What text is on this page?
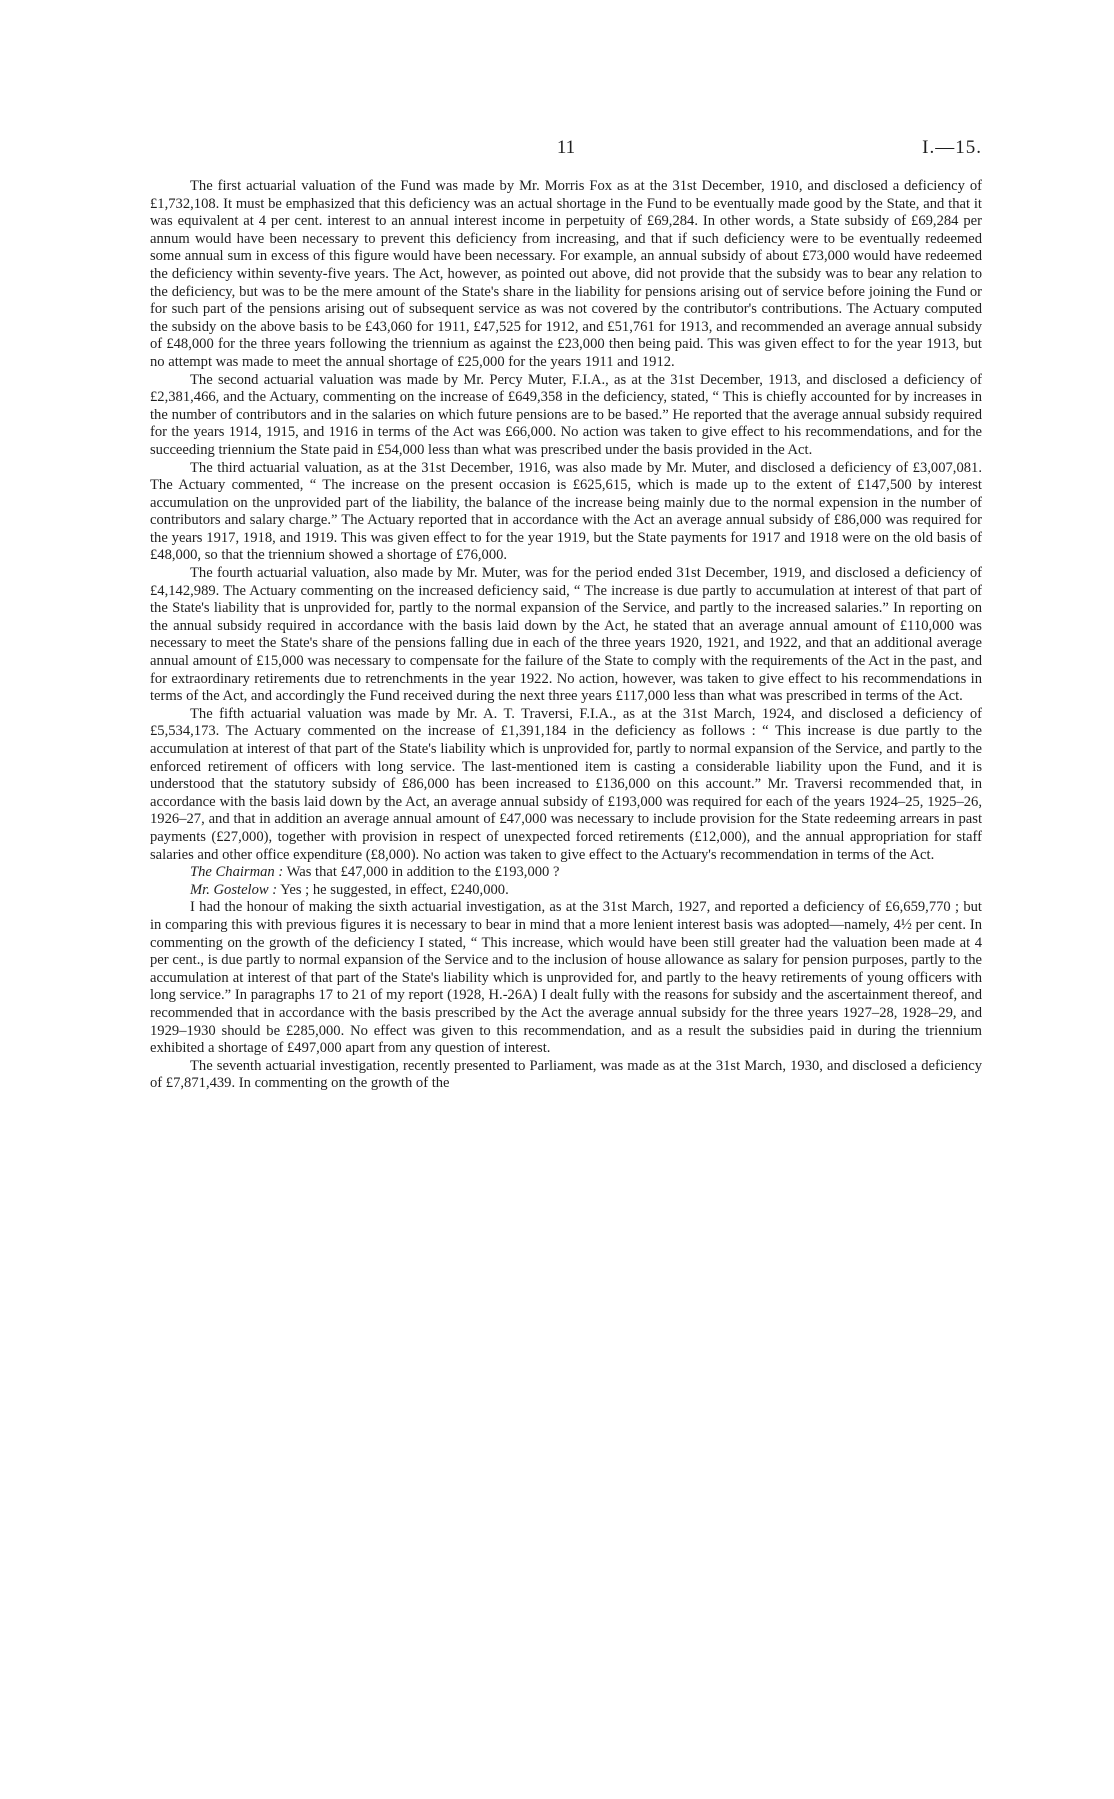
11	I.—15.

The first actuarial valuation of the Fund was made by Mr. Morris Fox as at the 31st December, 1910, and disclosed a deficiency of £1,732,108. It must be emphasized that this deficiency was an actual shortage in the Fund to be eventually made good by the State, and that it was equivalent at 4 per cent. interest to an annual interest income in perpetuity of £69,284. In other words, a State subsidy of £69,284 per annum would have been necessary to prevent this deficiency from increasing, and that if such deficiency were to be eventually redeemed some annual sum in excess of this figure would have been necessary. For example, an annual subsidy of about £73,000 would have redeemed the deficiency within seventy-five years. The Act, however, as pointed out above, did not provide that the subsidy was to bear any relation to the deficiency, but was to be the mere amount of the State's share in the liability for pensions arising out of service before joining the Fund or for such part of the pensions arising out of subsequent service as was not covered by the contributor's contributions. The Actuary computed the subsidy on the above basis to be £43,060 for 1911, £47,525 for 1912, and £51,761 for 1913, and recommended an average annual subsidy of £48,000 for the three years following the triennium as against the £23,000 then being paid. This was given effect to for the year 1913, but no attempt was made to meet the annual shortage of £25,000 for the years 1911 and 1912.

The second actuarial valuation was made by Mr. Percy Muter, F.I.A., as at the 31st December, 1913, and disclosed a deficiency of £2,381,466, and the Actuary, commenting on the increase of £649,358 in the deficiency, stated, “ This is chiefly accounted for by increases in the number of contributors and in the salaries on which future pensions are to be based.” He reported that the average annual subsidy required for the years 1914, 1915, and 1916 in terms of the Act was £66,000. No action was taken to give effect to his recommendations, and for the succeeding triennium the State paid in £54,000 less than what was prescribed under the basis provided in the Act.

The third actuarial valuation, as at the 31st December, 1916, was also made by Mr. Muter, and disclosed a deficiency of £3,007,081. The Actuary commented, “ The increase on the present occasion is £625,615, which is made up to the extent of £147,500 by interest accumulation on the unprovided part of the liability, the balance of the increase being mainly due to the normal expension in the number of contributors and salary charge.” The Actuary reported that in accordance with the Act an average annual subsidy of £86,000 was required for the years 1917, 1918, and 1919. This was given effect to for the year 1919, but the State payments for 1917 and 1918 were on the old basis of £48,000, so that the triennium showed a shortage of £76,000.

The fourth actuarial valuation, also made by Mr. Muter, was for the period ended 31st December, 1919, and disclosed a deficiency of £4,142,989. The Actuary commenting on the increased deficiency said, “ The increase is due partly to accumulation at interest of that part of the State's liability that is unprovided for, partly to the normal expansion of the Service, and partly to the increased salaries.” In reporting on the annual subsidy required in accordance with the basis laid down by the Act, he stated that an average annual amount of £110,000 was necessary to meet the State's share of the pensions falling due in each of the three years 1920, 1921, and 1922, and that an additional average annual amount of £15,000 was necessary to compensate for the failure of the State to comply with the requirements of the Act in the past, and for extraordinary retirements due to retrenchments in the year 1922. No action, however, was taken to give effect to his recommendations in terms of the Act, and accordingly the Fund received during the next three years £117,000 less than what was prescribed in terms of the Act.

The fifth actuarial valuation was made by Mr. A. T. Traversi, F.I.A., as at the 31st March, 1924, and disclosed a deficiency of £5,534,173. The Actuary commented on the increase of £1,391,184 in the deficiency as follows : “ This increase is due partly to the accumulation at interest of that part of the State's liability which is unprovided for, partly to normal expansion of the Service, and partly to the enforced retirement of officers with long service. The last-mentioned item is casting a considerable liability upon the Fund, and it is understood that the statutory subsidy of £86,000 has been increased to £136,000 on this account.” Mr. Traversi recommended that, in accordance with the basis laid down by the Act, an average annual subsidy of £193,000 was required for each of the years 1924–25, 1925–26, 1926–27, and that in addition an average annual amount of £47,000 was necessary to include provision for the State redeeming arrears in past payments (£27,000), together with provision in respect of unexpected forced retirements (£12,000), and the annual appropriation for staff salaries and other office expenditure (£8,000). No action was taken to give effect to the Actuary's recommendation in terms of the Act.

The Chairman : Was that £47,000 in addition to the £193,000 ?

Mr. Gostelow : Yes ; he suggested, in effect, £240,000.

I had the honour of making the sixth actuarial investigation, as at the 31st March, 1927, and reported a deficiency of £6,659,770 ; but in comparing this with previous figures it is necessary to bear in mind that a more lenient interest basis was adopted—namely, 4½ per cent. In commenting on the growth of the deficiency I stated, “ This increase, which would have been still greater had the valuation been made at 4 per cent., is due partly to normal expansion of the Service and to the inclusion of house allowance as salary for pension purposes, partly to the accumulation at interest of that part of the State's liability which is unprovided for, and partly to the heavy retirements of young officers with long service.” In paragraphs 17 to 21 of my report (1928, H.-26A) I dealt fully with the reasons for subsidy and the ascertainment thereof, and recommended that in accordance with the basis prescribed by the Act the average annual subsidy for the three years 1927–28, 1928–29, and 1929–1930 should be £285,000. No effect was given to this recommendation, and as a result the subsidies paid in during the triennium exhibited a shortage of £497,000 apart from any question of interest.

The seventh actuarial investigation, recently presented to Parliament, was made as at the 31st March, 1930, and disclosed a deficiency of £7,871,439. In commenting on the growth of the
